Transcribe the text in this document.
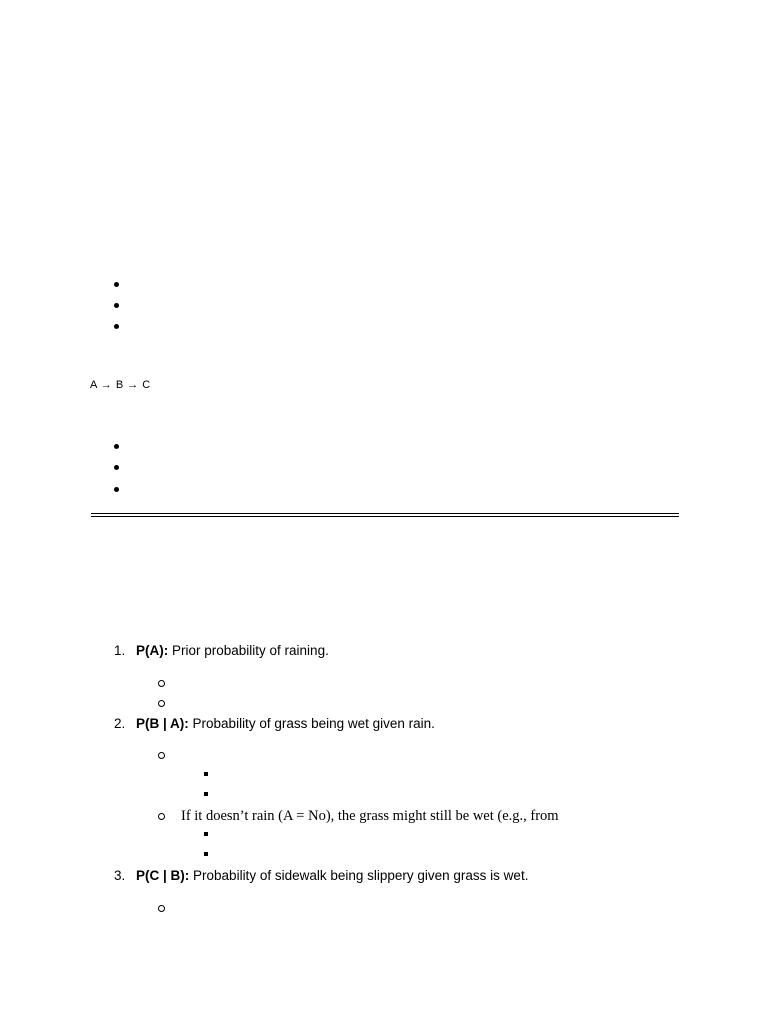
A → B → C
1. P(A): Prior probability of raining.
2. P(B | A): Probability of grass being wet given rain.
If it doesn’t rain (A = No), the grass might still be wet (e.g., from
3. P(C | B): Probability of sidewalk being slippery given grass is wet.
